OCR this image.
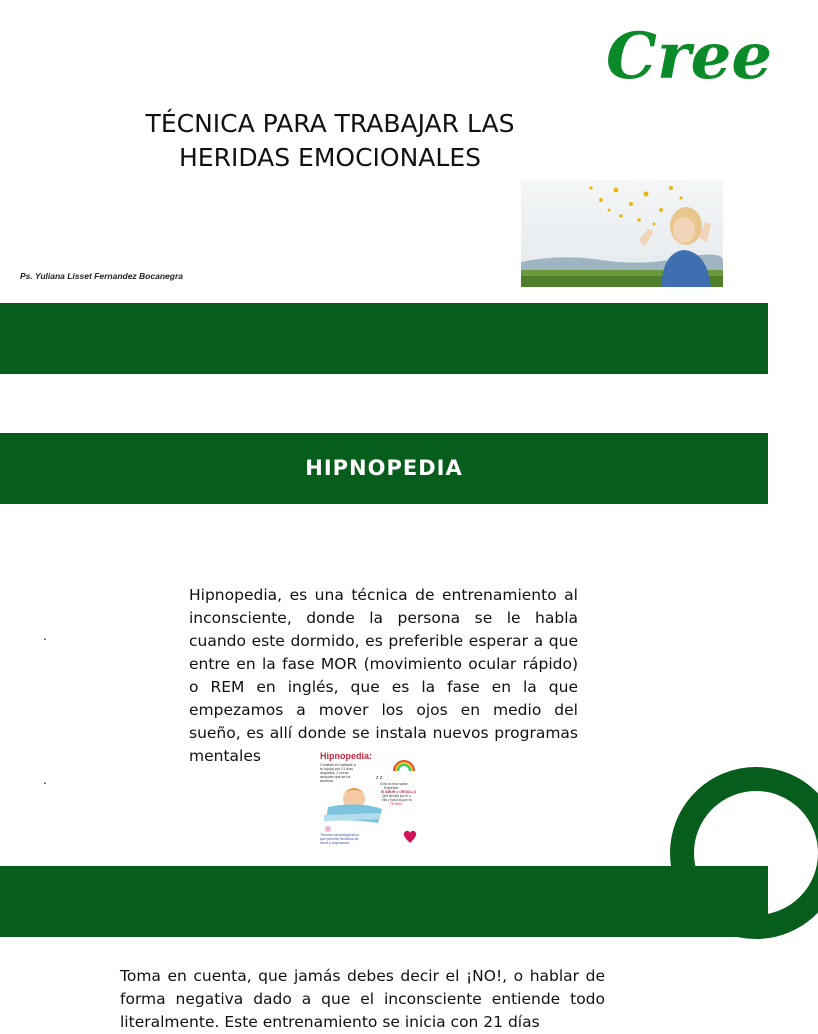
Cree
TÉCNICA PARA TRABAJAR LAS
HERIDAS EMOCIONALES
Ps. Yuliana Lisset Fernandez Bocanegra
HIPNOPEDIA
.
.
Hipnopedia, es una técnica de entrenamiento al inconsciente, donde la persona se le habla cuando este dormido, es preferible esperar a que entre en la fase MOR (movimiento ocular rápido) o REM en inglés, que es la fase en la que empezamos a mover los ojos en medio del sueño, es allí donde se instala nuevos programas mentales	Hipnopedia:
Consiste en hablarle a
tu hijo(a) por 21 días
seguidos, 2 horas
después que se ha
dormido.	z z
Crea un tono suave.
Expresión:
El AMOR y ORGULLO
Que sientes por él o
ella y todo los que es
TE AMO.
Técnica neurolingüística
que permite llenarlos de
amor y esperanza.
Toma en cuenta, que jamás debes decir el ¡NO!, o hablar de forma negativa dado a que el inconsciente entiende todo literalmente. Este entrenamiento se inicia con 21 días
